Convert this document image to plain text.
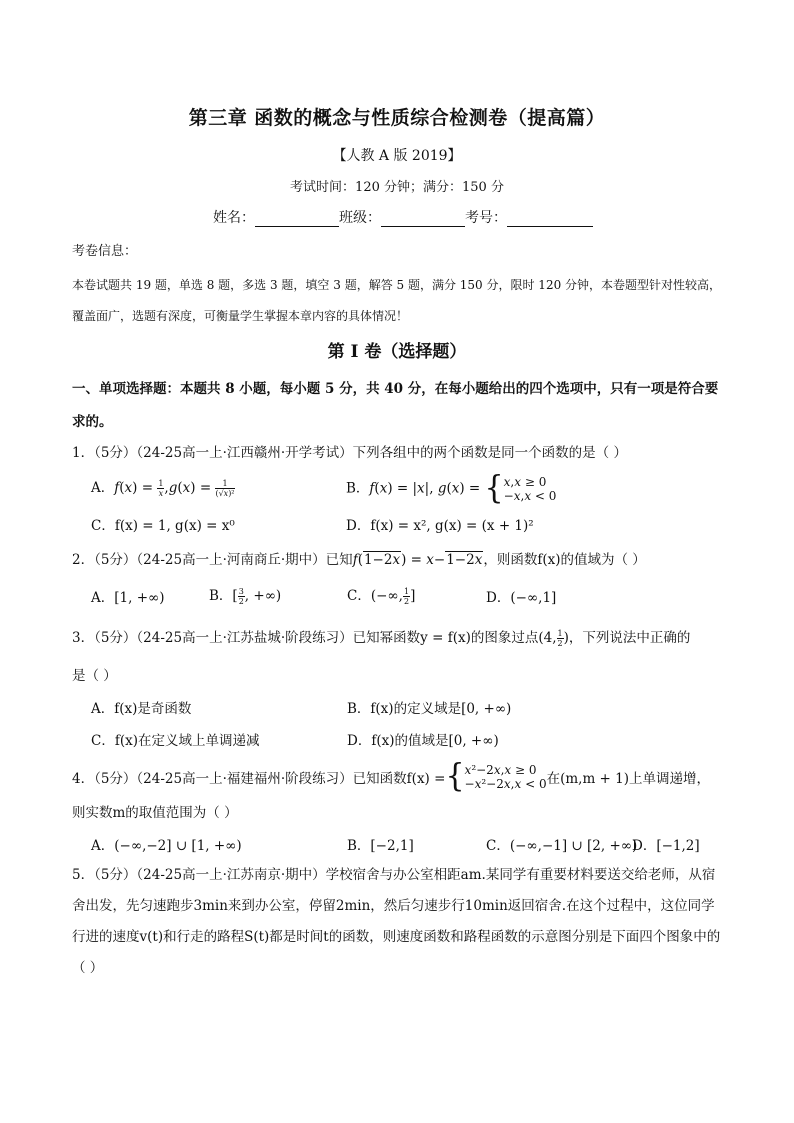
第三章 函数的概念与性质综合检测卷（提高篇）
【人教 A 版 2019】
考试时间：120 分钟；满分：150 分
姓名：	班级：	考号：
考卷信息：
本卷试题共 19 题，单选 8 题，多选 3 题，填空 3 题，解答 5 题，满分 150 分，限时 120 分钟，本卷题型针对性较高，覆盖面广，选题有深度，可衡量学生掌握本章内容的具体情况！
第 I 卷（选择题）
一、单项选择题：本题共 8 小题，每小题 5 分，共 40 分，在每小题给出的四个选项中，只有一项是符合要求的。
1．（5分）（24-25高一上·江西赣州·开学考试）下列各组中的两个函数是同一个函数的是（ ）
A．$f(x) = \frac{1}{x} ,g(x) = \frac{1}{\text{(√x)²}}$	B．f(x) = |x|, g(x) = { x,x ≥ 0
−x,x < 0
C．f(x) = 1, g(x) = x⁰	D．f(x) = x², g(x) = (x + 1)²
2．（5分）（24-25高一上·河南商丘·期中）已知f(1−2x) = x−1−2x，则函数f(x)的值域为（ ）
A．[1, +∞)	B．[ $\frac{3}{2}$ , +∞)	C．(−∞, $\frac{1}{2}$ ]	D．(−∞,1]
3．（5分）（24-25高一上·江苏盐城·阶段练习）已知幂函数y = f(x)的图象过点(4, $\frac{1}{2}$ )，下列说法中正确的
是（ ）
A．f(x)是奇函数	B．f(x)的定义域是[0, +∞)
C．f(x)在定义域上单调递减	D．f(x)的值域是[0, +∞)
4．（5分）（24-25高一上·福建福州·阶段练习）已知函数f(x) = { x²−2x,x ≥ 0
−x²−2x,x < 0 在(m,m + 1)上单调递增，
则实数m的取值范围为（ ）
A．(−∞,−2] ∪ [1, +∞)	B．[−2,1]	C．(−∞,−1] ∪ [2, +∞)
D．[−1,2]
5．（5分）（24-25高一上·江苏南京·期中）学校宿舍与办公室相距am.某同学有重要材料要送交给老师，从宿舍出发，先匀速跑步3min来到办公室，停留2min，然后匀速步行10min返回宿舍.在这个过程中，这位同学行进的速度v(t)和行走的路程S(t)都是时间t的函数，则速度函数和路程函数的示意图分别是下面四个图象中的（ ）
